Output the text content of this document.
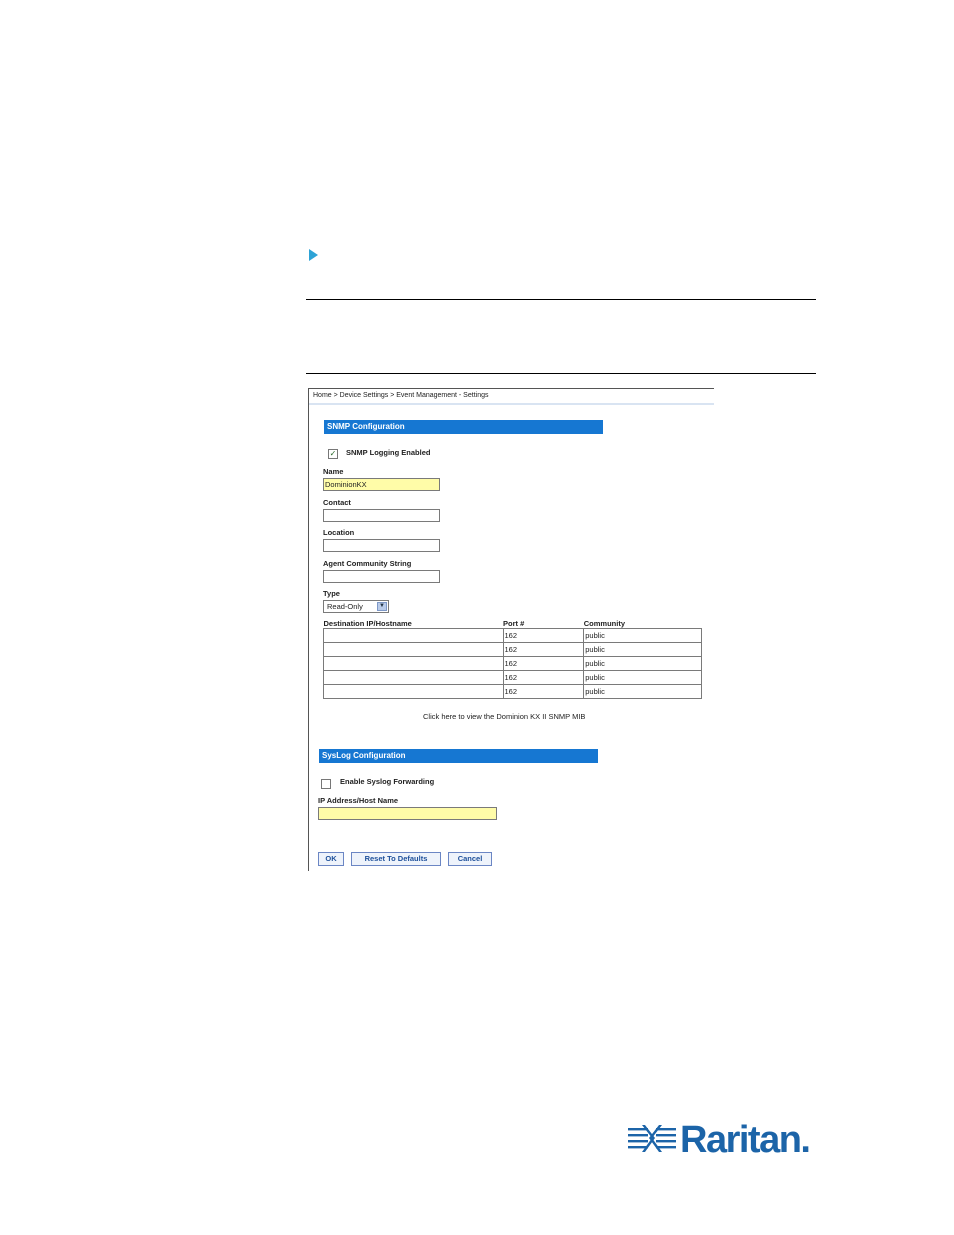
Home > Device Settings > Event Management - Settings
SNMP Configuration
✓ SNMP Logging Enabled
Name
DominionKX
Contact
Location
Agent Community String
Type
Read-Only	▼
Destination IP/Hostname	Port #	Community
	162	public
	162	public
	162	public
	162	public
	162	public
Click here to view the Dominion KX II SNMP MIB
SysLog Configuration
Enable Syslog Forwarding
IP Address/Host Name
OK	Reset To Defaults	Cancel
Raritan.
